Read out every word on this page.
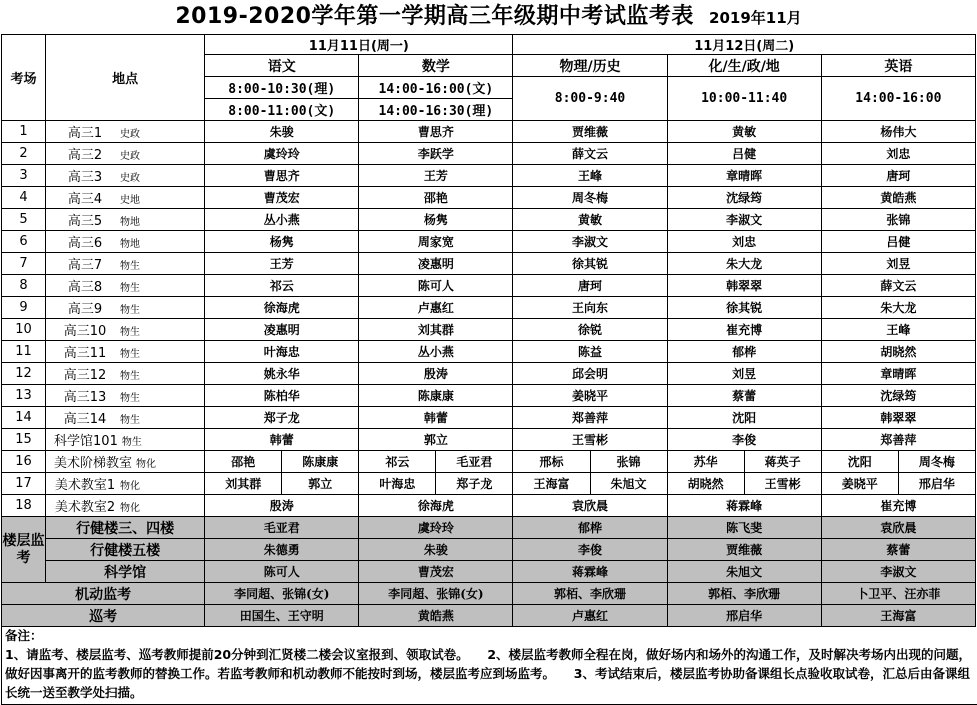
2019-2020学年第一学期高三年级期中考试监考表 2019年11月
考场	地点	11月11日(周一)				11月12日(周二)					
		语文		数学		物理/历史		化/生/政/地		英语	
		8:00-10:30(理)		14:00-16:00(文)		8:00-9:40		10:00-11:40		14:00-16:00	
		8:00-11:00(文)		14:00-16:30(理)							
1	高三1 史政	朱骏		曹思齐		贾维薇		黄敏		杨伟大	
2	高三2 史政	虞玲玲		李跃学		薛文云		吕健		刘忠	
3	高三3 史政	曹思齐		王芳		王峰		章晴晖		唐珂	
4	高三4 史地	曹茂宏		邵艳		周冬梅		沈绿筠		黄皓燕	
5	高三5 物地	丛小燕		杨隽		黄敏		李淑文		张锦	
6	高三6 物地	杨隽		周家宽		李淑文		刘忠		吕健	
7	高三7 物生	王芳		凌惠明		徐其锐		朱大龙		刘昱	
8	高三8 物生	祁云		陈可人		唐珂		韩翠翠		薛文云	
9	高三9 物生	徐海虎		卢惠红		王向东		徐其锐		朱大龙	
10	高三10 物生	凌惠明		刘其群		徐锐		崔充博		王峰	
11	高三11 物生	叶海忠		丛小燕		陈益		郁桦		胡晓然	
12	高三12 物生	姚永华		殷涛		邱会明		刘昱		章晴晖	
13	高三13 物生	陈柏华		陈康康		姜晓平		蔡蕾		沈绿筠	
14	高三14 物生	郑子龙		韩蕾		郑善萍		沈阳		韩翠翠	
15	科学馆101 物生	韩蕾		郭立		王雪彬		李俊		郑善萍	
16	美术阶梯教室 物化	邵艳	陈康康	祁云	毛亚君	邢标	张锦	苏华	蒋英子	沈阳	周冬梅
17	美术教室1 物化	刘其群	郭立	叶海忠	郑子龙	王海富	朱旭文	胡晓然	王雪彬	姜晓平	邢启华
18	美术教室2 物化	殷涛		徐海虎		袁欣晨		蒋霖峰		崔充博	
楼层监考	行健楼三、四楼	毛亚君		虞玲玲		郁桦		陈飞斐		袁欣晨	
	行健楼五楼	朱德勇		朱骏		李俊		贾维薇		蔡蕾	
	科学馆	陈可人		曹茂宏		蒋霖峰		朱旭文		李淑文	
机动监考		李同超、张锦(女)		李同超、张锦(女)		郭栢、李欣珊		郭栢、李欣珊		卜卫平、汪亦菲	
巡考		田国生、王守明		黄皓燕		卢惠红		邢启华		王海富	
备注：
1、请监考、楼层监考、巡考教师提前20分钟到汇贤楼二楼会议室报到、领取试卷。　　2、楼层监考教师全程在岗，做好场内和场外的沟通工作，及时解决考场内出现的问题，做好因事离开的监考教师的替换工作。若监考教师和机动教师不能按时到场，楼层监考应到场监考。　　3、考试结束后，楼层监考协助备课组长点验收取试卷，汇总后由备课组长统一送至教学处扫描。
